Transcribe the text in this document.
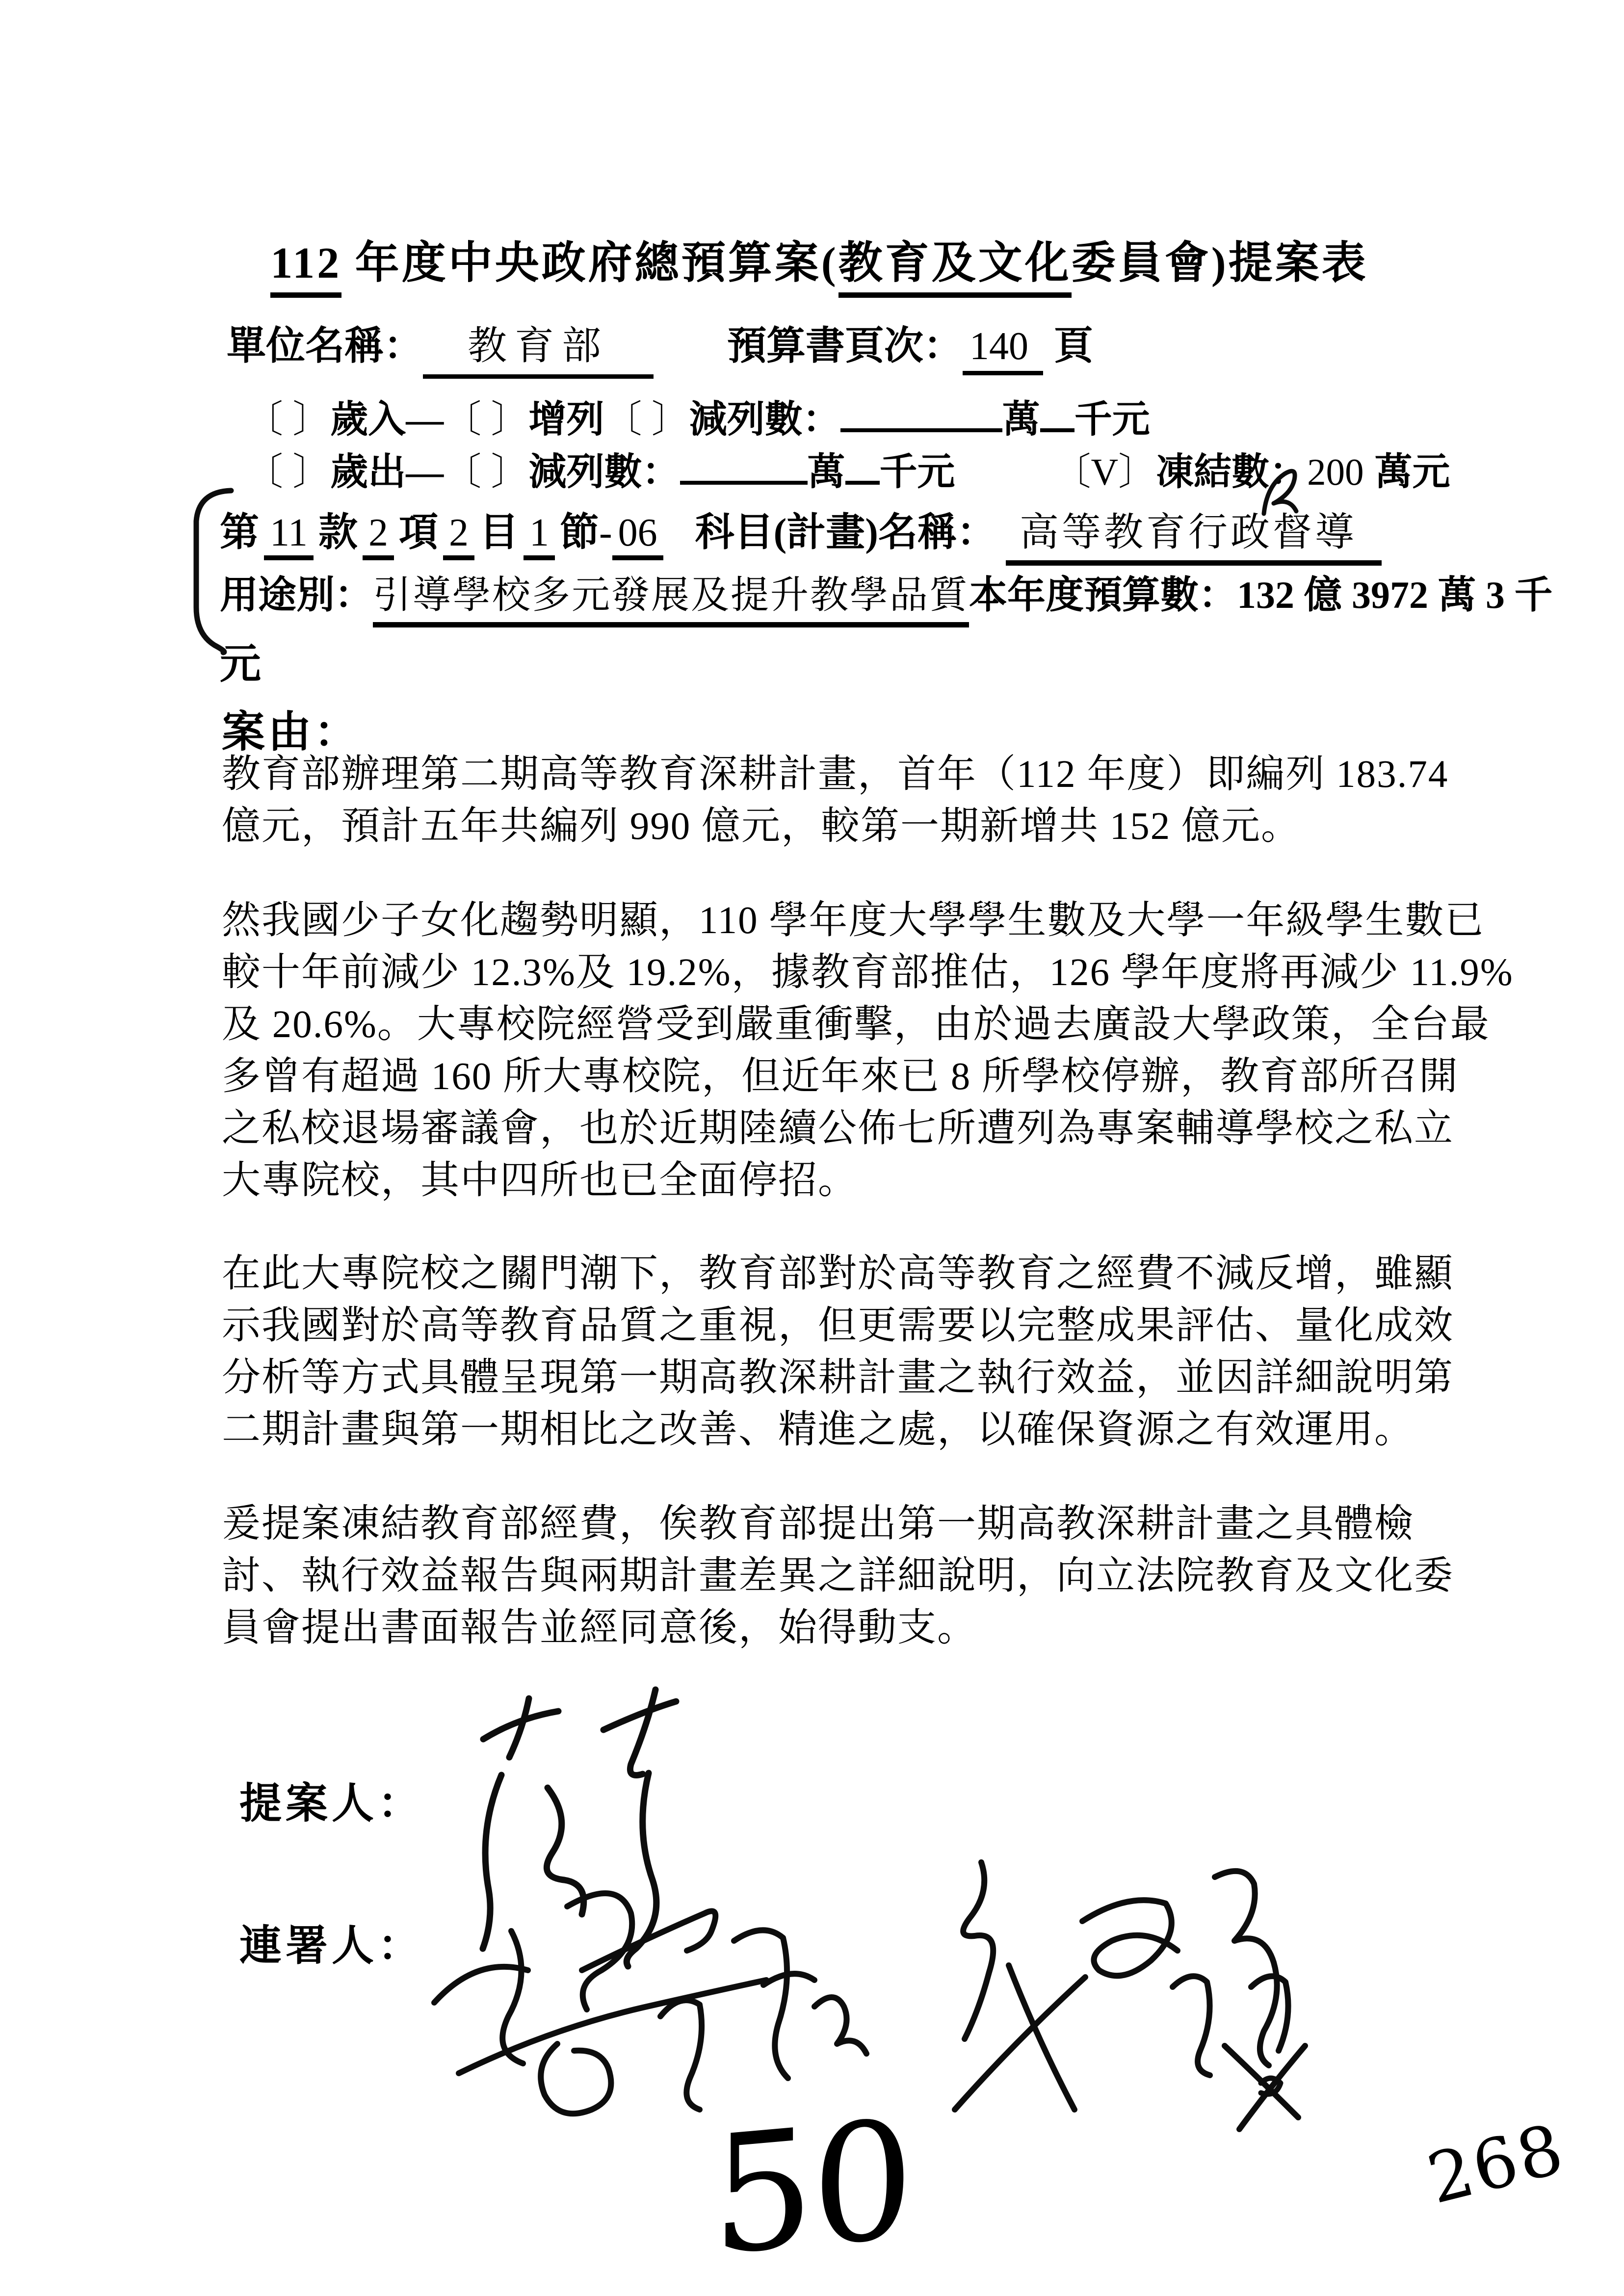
112 年度中央政府總預算案(教育及文化委員會)提案表
單位名稱： 教育部	預算書頁次： 140 頁
〔 〕歲入—〔 〕增列〔 〕減列數：	萬 千元
〔 〕歲出—〔 〕減列數：	萬 千元	〔V〕凍結數：200 萬元
第 11 款 2 項 2 目 1 節- 06 科目(計畫)名稱： 高等教育行政督導
用途別：引導學校多元發展及提升教學品質本年度預算數：132 億 3972 萬 3 千
元
案由：
教育部辦理第二期高等教育深耕計畫，首年（112 年度）即編列 183.74
億元，預計五年共編列 990 億元，較第一期新增共 152 億元。
然我國少子女化趨勢明顯，110 學年度大學學生數及大學一年級學生數已
較十年前減少 12.3%及 19.2%，據教育部推估，126 學年度將再減少 11.9%
及 20.6%。大專校院經營受到嚴重衝擊，由於過去廣設大學政策，全台最
多曾有超過 160 所大專校院，但近年來已 8 所學校停辦，教育部所召開
之私校退場審議會，也於近期陸續公佈七所遭列為專案輔導學校之私立
大專院校，其中四所也已全面停招。
在此大專院校之關門潮下，教育部對於高等教育之經費不減反增，雖顯
示我國對於高等教育品質之重視，但更需要以完整成果評估、量化成效
分析等方式具體呈現第一期高教深耕計畫之執行效益，並因詳細說明第
二期計畫與第一期相比之改善、精進之處，以確保資源之有效運用。
爰提案凍結教育部經費，俟教育部提出第一期高教深耕計畫之具體檢
討、執行效益報告與兩期計畫差異之詳細說明，向立法院教育及文化委
員會提出書面報告並經同意後，始得動支。
提案人：
連署人：
50	268
